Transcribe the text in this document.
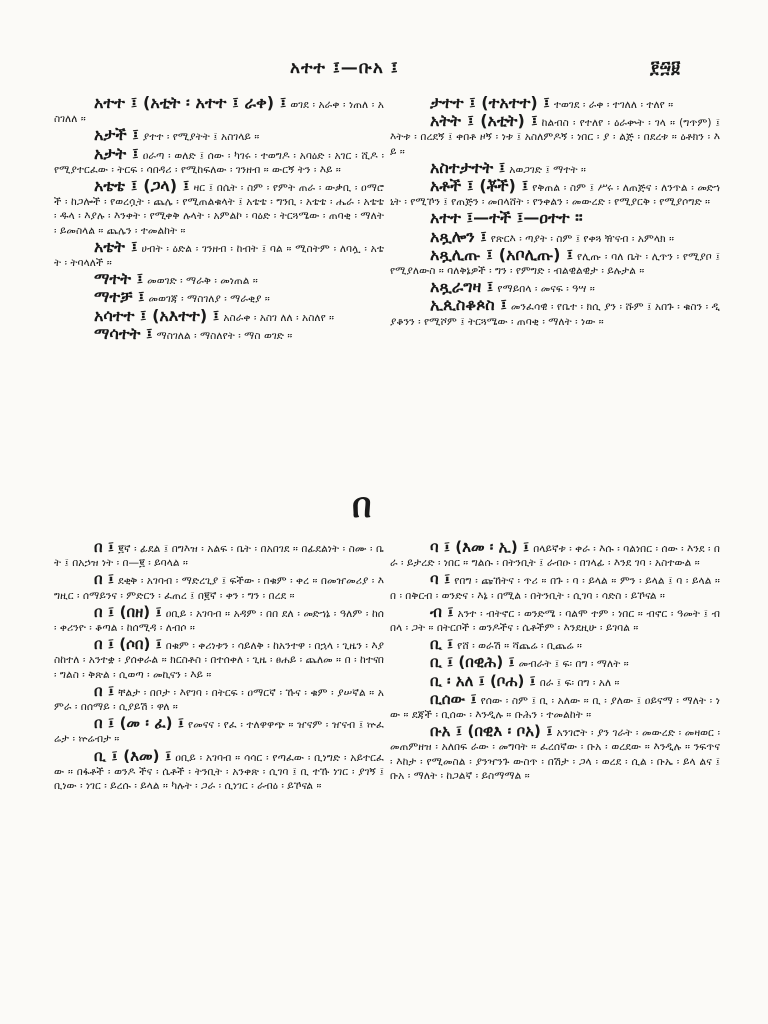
አተተ ፤—ቡአ ፤	፻፵፱

አተተ ፤ (አቲት ፡ አተተ ፤ ራቀ) ፤ ወገደ ፡ አራቀ ፡ ነጠለ ፡ አስገለለ ።

አታች ፤ ያተተ ፡ የሚያትት ፤ አስገላይ ።

አታት ፤ ዐራጣ ፡ ወለድ ፤ ሰው ፡ ካገሩ ፡ ተወግዶ ፡ አባዕድ ፡ አገር ፡ ሺዶ ፡ የሚያተርፈው ፡ ትርፍ ፡ ሳበዳሪ ፡ የሚከፍለው ፡ ገንዘብ ። ውርኝ ትን ፡ እይ ።

አቴቴ ፤ (ጋላ) ፤ ዛር ፤ በሴት ፡ ስም ፡ የምት ጠራ ፡ ውቃቢ ፡ ዐማሮች ፡ ከጋሎች ፡ የወረሷት ፡ ጨሌ ፡ የሚጠልቁላት ፤ አቴቴ ፡ ግንቢ ፡ አቴቴ ፡ ሔራ ፡ አቴቴ ፡ ዱላ ፡ እያሉ ፡ እንቀት ፡ የሚቀቅ ሉላት ፡ አምልኮ ፡ ባዕድ ፡ ትርጓሜው ፡ ጠባቂ ፡ ማለት ፡ ይመስላል ። ጨሌን ፡ ተመልከት ።

አቴት ፤ ሀብት ፡ ዕድል ፡ ገንዘብ ፡ ከብት ፤ ባል ። ሚስትም ፡ ለባሏ ፡ አቴት ፡ ትባላለች ።

ማተት ፤ መወገድ ፡ ማራቅ ፡ መነጠል ።

ማተቻ ፤ መወገጃ ፡ ማስገለያ ፡ ማራቂያ ።

አሳተተ ፤ (አእተተ) ፤ አስራቀ ፡ አስገ ለለ ፡ አስለየ ።

ማሳተት ፤ ማስገለል ፡ ማስለየት ፡ ማስ ወገድ ።

ታተተ ፤ (ተአተተ) ፤ ተወገደ ፡ ራቀ ፡ ተገለለ ፡ ተለየ ።

አትት ፤ (አቲት) ፤ ከልብስ ፡ የተለየ ፡ ዕራቍት ፡ ገላ ። (ግጥም) ፤ እትቱ ፡ በረደኝ ፤ ቀበቶ ዞኝ ፡ ነቱ ፤ አስለምዶኝ ፡ ነበር ፡ ያ ፡ ልጅ ፡ በደረቱ ። ዕቶክን ፡ እይ ።

አስተታተት ፤ አወጋገድ ፤ ማተት ።

አቶች ፤ (ቾች) ፤ የቅጠል ፡ ስም ፤ ሥሩ ፡ ለጠጅና ፡ ለንጥል ፡ መድኀኒት ፡ የሚኾን ፤ የጠጅን ፡ መበላሸት ፡ የንቀልን ፡ መውረድ ፡ የሚያርቅ ፡ የሚያሶግድ ።

አተተ ፤—ተች ፤—ዐተተ ።

አጿሎን ፤ የጽርእ ፡ ጣያት ፡ ስም ፤ የቀጓ ዥናብ ፡ አምላክ ።

አጿሊጡ ፤ (አቦሊጡ) ፤ የሊጡ ፡ ባለ ቤት ፡ ሊጥን ፡ የሚያቦ ፤ የሚያለውስ ። ባለቅኔዎች ፡ ግን ፡ የምግድ ፡ ብልዊልዊታ ፡ ይሉታል ።

አጿራግዛ ፤ የማይበላ ፡ መናፍ ፡ ዓሣ ።

ኢጲስቆጶስ ፤ መንፈሳዊ ፡ የቤተ ፡ ክሲ ያን ፡ ሹም ፤ አበጉ ፡ ቁስን ፡ ዲያቆንን ፡ የሚሾም ፤ ትርጓሜው ፡ ጠባቂ ፡ ማለት ፡ ነው ።

በ

በ ፤ ፪ኛ ፡ ፊደል ፤ በግእዝ ፡ አልፍ ፡ ቤት ፡ በአበገደ ። በፊደልነት ፡ ስሙ ፡ ቤት ፤ በአኃዝ ነት ፡ በ—፪ ፡ ይባላል ።

በ ፤ ደቂቅ ፡ አገባብ ፡ ማድረጊያ ፤ ፍችው ፡ በቁም ፡ ቀረ ። በመዠመሪያ ፡ እግዚር ፡ ሰማይንና ፡ ምድርን ፡ ፈጠረ ፤ በ፪ኛ ፡ ቀን ፡ ግን ፡ በረደ ።

በ ፤ (በዘ) ፤ ዐቢይ ፡ አገባብ ። አዳም ፡ በበ ደለ ፡ መድኀኔ ፡ ዓለም ፡ ከሰ ፡ ቀሪንዮ ፡ ቆጣል ፡ ከሰሚዳ ፡ ለብሶ ።

በ ፤ (ሶበ) ፤ በቁም ፡ ቀሪነቱን ፡ ሳይለቅ ፡ ከአንተዋ ፡ በኋላ ፡ ጊዜን ፡ እያስከተለ ፡ አንተቋ ፡ ያሰቀራል ። ክርስቶስ ፡ በተሰቀለ ፡ ጊዜ ፡ ፀሐይ ፡ ጨለመ ። በ ፡ ከተናበ ፡ ግልስ ፡ ቅጽል ፡ ሲወጣ ፡ መኪናን ፡ እይ ።

በ ፤ ቸልታ ፡ በቦታ ፡ እየገባ ፡ በትርፍ ፡ ዐማርኛ ፡ ኹና ፡ ቁም ፡ ያሠኛል ። አምራ ፡ በሰማይ ፡ ሲያይሽ ፡ ዋለ ።

በ ፤ (መ ፡ ፈ) ፤ የመናና ፡ የፈ ፡ ተለዋዋጭ ። ዠናም ፡ ዠናብ ፤ ኵፈሬታ ፡ ኵሬብታ ።

ቢ ፤ (እመ) ፤ ዐቢይ ፡ አገባብ ። ሳሳር ፡ የጣፈው ፡ ቢነግድ ፡ አይተርፈው ። በፋቶች ፡ ወንዶ ችና ፡ ሴቶች ፡ ትንቢት ፡ አንቀጽ ፡ ሲገባ ፤ ቢ ተኹ ነገር ፡ ያገኝ ፤ ቢነው ፡ ነገር ፡ ይረሱ ፡ ይላል ። ካሉት ፡ ጋራ ፡ ሲነገር ፡ ራብዕ ፡ ይኾናል ።

ባ ፤ (እመ ፡ ኢ) ፤ በላይኛቱ ፡ ቀራ ፡ እሱ ፡ ባልነበር ፡ ሰው ፡ እንደ ፡ በራ ፡ ይታረድ ፡ ነበር ። ግልሱ ፡ በትንቢት ፤ ራብዑ ፡ በገላፊ ፡ እንደ ገባ ፡ አስተውል ።

ባ ፤ የበግ ፡ ጩኸትና ፡ ጥሪ ። በጉ ፡ ባ ፡ ይላል ። ምን ፡ ይላል ፤ ባ ፡ ይላል ። በ ፡ በቅርብ ፡ ወንድና ፡ እኔ ፡ በሚል ፡ በትንቢት ፡ ሲገባ ፡ ሳድስ ፡ ይኾናል ።

ብ ፤ አንተ ፡ ብትኖር ፡ ወንድሜ ፡ ባልሞ ተም ፡ ነበር ። ብኖር ፡ ዓመት ፤ ብበላ ፡ ጋት ። በትርቦች ፡ ወንዶችና ፡ ሴቶችም ፡ እንደዚሁ ፡ ይገባል ።

ቢ ፤ የሸ ፡ ወራሽ ። ሻጨሬ ፡ ቢጨሬ ።

ቢ ፤ (በዊሕ) ፤ መብራት ፤ ፍ፡ በግ ፡ ማለት ።

ቢ ፡ አለ ፤ (ቦሐ) ፤ በራ ፤ ፍ፡ በግ ፡ አለ ።

ቢሰው ፤ የሰው ፡ ስም ፤ ቢ ፡ አለው ። ቢ ፡ ያለው ፤ ዐይናማ ፡ ማለት ፡ ነው ። ደጃች ፡ ቢሰው ፡ እንዲሉ ። ቡሕን ፡ ተመልከት ።

ቡአ ፤ (በዊእ ፡ ቦአ) ፤ አንገሮት ፡ ያን ገራት ፡ መውረድ ፡ መዛወር ፡ መጠምዘዝ ፡ አለበፍ ራው ፡ መግባት ። ፈረሰኛው ፡ ቡአ ፡ ወረደው ። እንዲሉ ። ንፍጥና ፡ እከታ ፡ የሚመስል ፡ ያንዣንጉ ውስጥ ፡ በሽታ ፡ ጋላ ፡ ወረደ ፡ ሲል ፡ ቡኤ ፡ ይላ ልና ፤ ቡአ ፡ ማለት ፡ ከጋልኛ ፡ ይስማማል ።
